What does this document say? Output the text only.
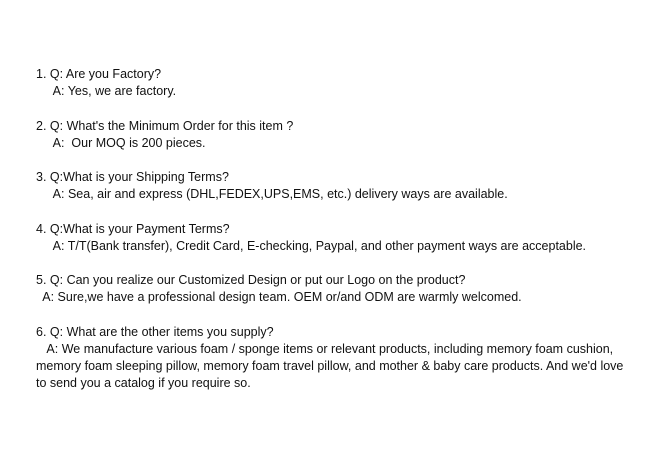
1. Q: Are you Factory?
A: Yes, we are factory.
2. Q: What's the Minimum Order for this item ?
A:  Our MOQ is 200 pieces.
3. Q:What is your Shipping Terms?
A: Sea, air and express (DHL,FEDEX,UPS,EMS, etc.) delivery ways are available.
4. Q:What is your Payment Terms?
A: T/T(Bank transfer), Credit Card, E-checking, Paypal, and other payment ways are acceptable.
5. Q: Can you realize our Customized Design or put our Logo on the product?
A: Sure,we have a professional design team. OEM or/and ODM are warmly welcomed.
6. Q: What are the other items you supply?
A: We manufacture various foam / sponge items or relevant products, including memory foam cushion, memory foam sleeping pillow, memory foam travel pillow, and mother & baby care products. And we'd love to send you a catalog if you require so.
